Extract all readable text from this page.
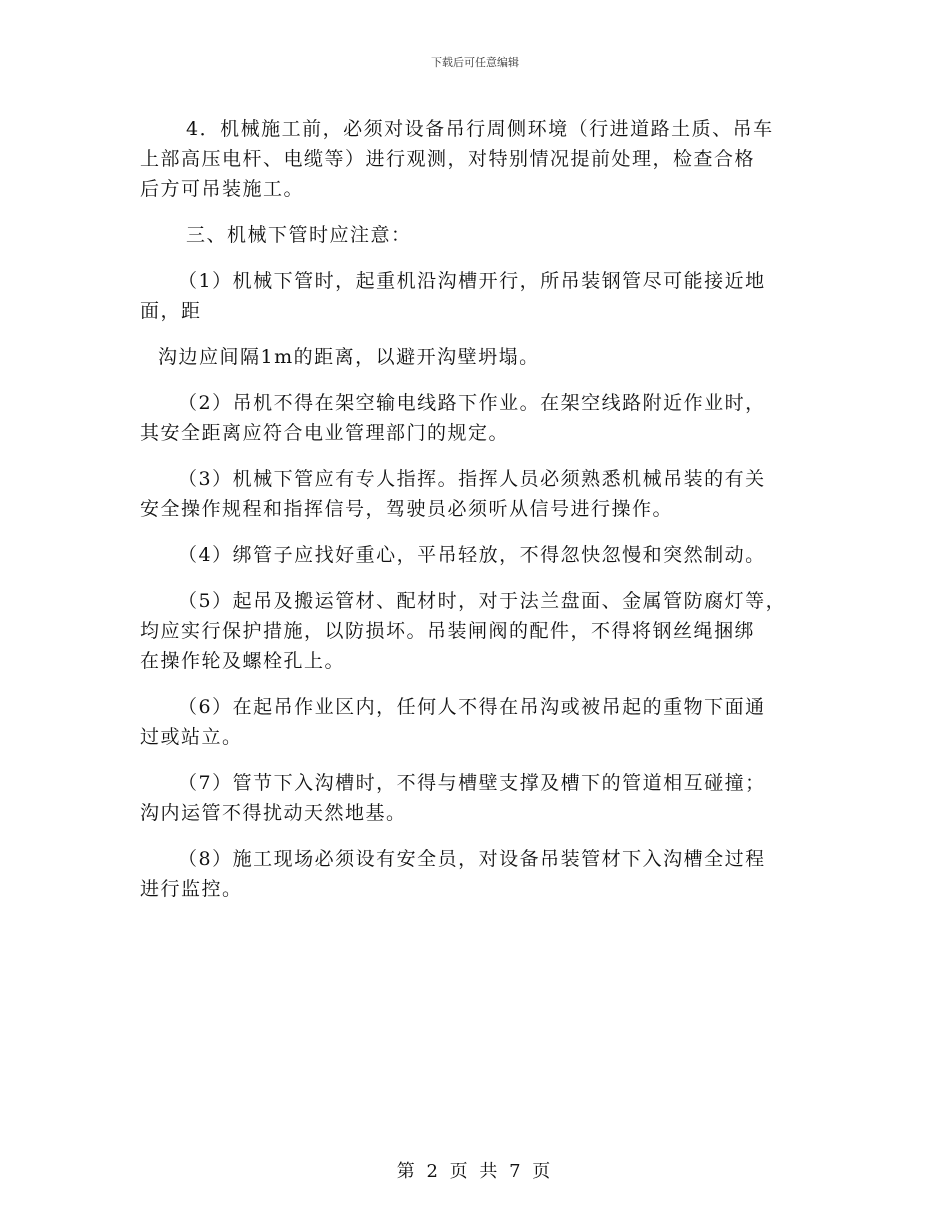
下载后可任意编辑
4．机械施工前，必须对设备吊行周侧环境（行进道路土质、吊车
上部高压电杆、电缆等）进行观测，对特别情况提前处理，检查合格
后方可吊装施工。
三、机械下管时应注意：
（1）机械下管时，起重机沿沟槽开行，所吊装钢管尽可能接近地
面，距
沟边应间隔1m的距离，以避开沟壁坍塌。
（2）吊机不得在架空输电线路下作业。在架空线路附近作业时，
其安全距离应符合电业管理部门的规定。
（3）机械下管应有专人指挥。指挥人员必须熟悉机械吊装的有关
安全操作规程和指挥信号，驾驶员必须听从信号进行操作。
（4）绑管子应找好重心，平吊轻放，不得忽快忽慢和突然制动。
（5）起吊及搬运管材、配材时，对于法兰盘面、金属管防腐灯等，
均应实行保护措施，以防损坏。吊装闸阀的配件，不得将钢丝绳捆绑
在操作轮及螺栓孔上。
（6）在起吊作业区内，任何人不得在吊沟或被吊起的重物下面通
过或站立。
（7）管节下入沟槽时，不得与槽壁支撑及槽下的管道相互碰撞；
沟内运管不得扰动天然地基。
（8）施工现场必须设有安全员，对设备吊装管材下入沟槽全过程
进行监控。
第 2 页 共 7 页
